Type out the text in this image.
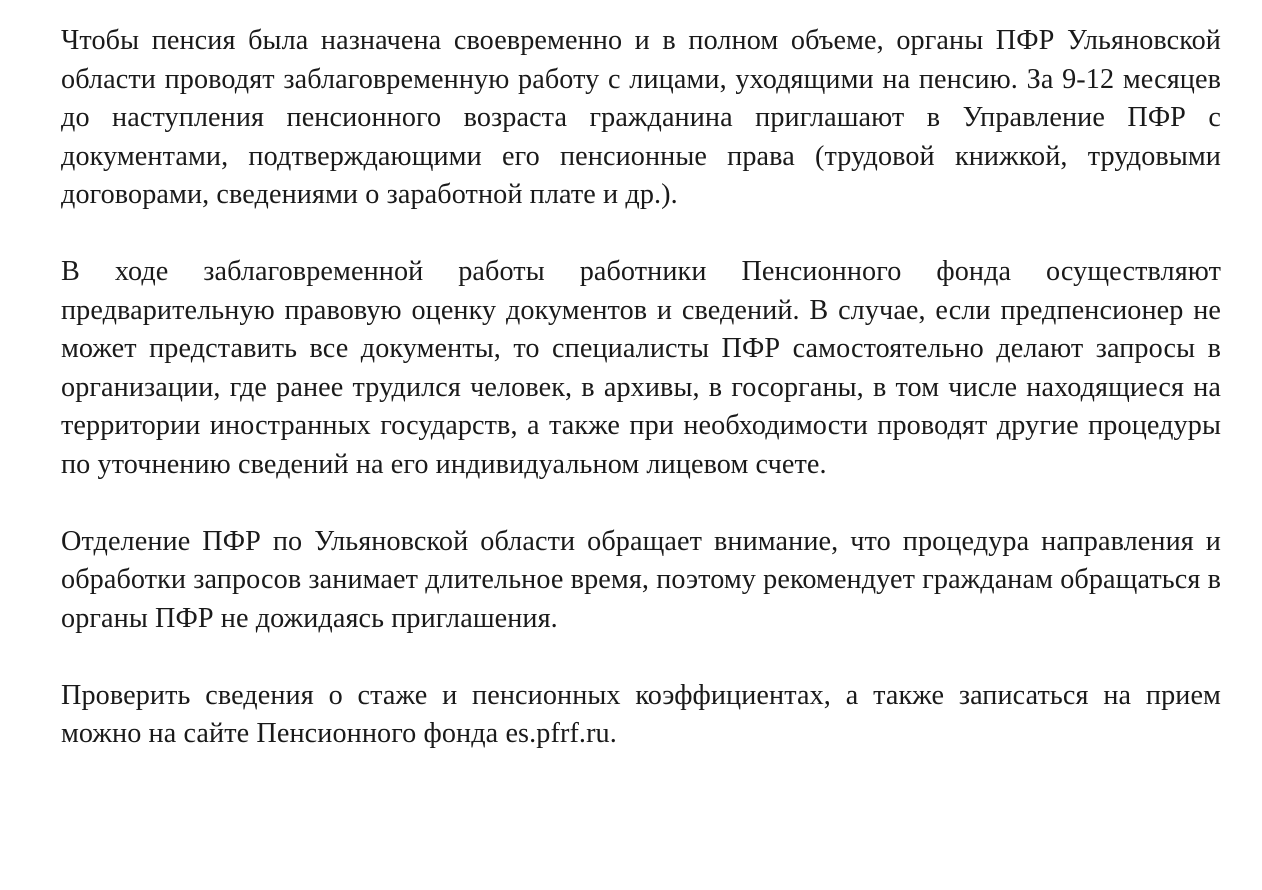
Чтобы пенсия была назначена своевременно и в полном объеме, органы ПФР Ульяновской области проводят заблаговременную работу с лицами, уходящими на пенсию. За 9-12 месяцев до наступления пенсионного возраста гражданина приглашают в Управление ПФР с документами, подтверждающими его пенсионные права (трудовой книжкой, трудовыми договорами, сведениями о заработной плате и др.).

В ходе заблаговременной работы работники Пенсионного фонда осуществляют предварительную правовую оценку документов и сведений. В случае, если предпенсионер не может представить все документы, то специалисты ПФР самостоятельно делают запросы в организации, где ранее трудился человек, в архивы, в госорганы, в том числе находящиеся на территории иностранных государств, а также при необходимости проводят другие процедуры по уточнению сведений на его индивидуальном лицевом счете.

Отделение ПФР по Ульяновской области обращает внимание, что процедура направления и обработки запросов занимает длительное время, поэтому рекомендует гражданам обращаться в органы ПФР не дожидаясь приглашения.

Проверить сведения о стаже и пенсионных коэффициентах, а также записаться на прием можно на сайте Пенсионного фонда es.pfrf.ru.
